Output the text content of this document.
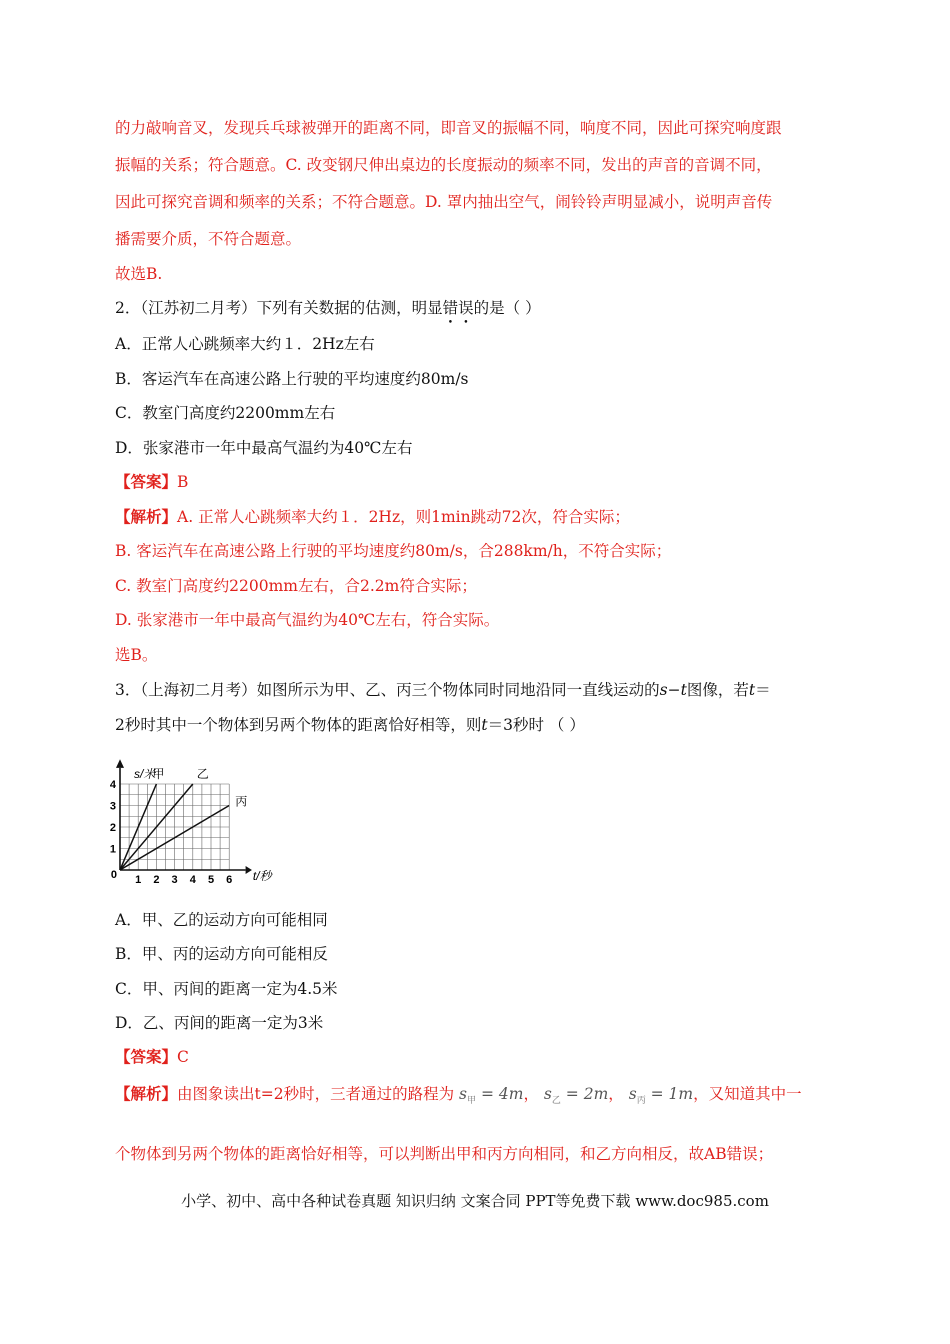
的力敲响音叉，发现兵乓球被弹开的距离不同，即音叉的振幅不同，响度不同，因此可探究响度跟
振幅的关系；符合题意。C. 改变钢尺伸出桌边的长度振动的频率不同，发出的声音的音调不同，
因此可探究音调和频率的关系；不符合题意。D. 罩内抽出空气，闹铃铃声明显减小，说明声音传
播需要介质，不符合题意。
故选B.
2．（江苏初二月考）下列有关数据的估测，明显错误的是（ ）
A．正常人心跳频率大约１．2Hz左右
B．客运汽车在高速公路上行驶的平均速度约80m/s
C．教室门高度约2200mm左右
D．张家港市一年中最高气温约为40℃左右
【答案】B
【解析】A. 正常人心跳频率大约１．2Hz，则1min跳动72次，符合实际；
B. 客运汽车在高速公路上行驶的平均速度约80m/s，合288km/h，不符合实际；
C. 教室门高度约2200mm左右，合2.2m符合实际；
D. 张家港市一年中最高气温约为40℃左右，符合实际。
选B。
3．（上海初二月考）如图所示为甲、乙、丙三个物体同时同地沿同一直线运动的s−t图像，若t＝
2秒时其中一个物体到另两个物体的距离恰好相等，则t＝3秒时 （ ）
1 2 3 4 5 6
1
2
3
4
0
s/米
t/秒
甲	乙
丙
A．甲、乙的运动方向可能相同
B．甲、丙的运动方向可能相反
C．甲、丙间的距离一定为4.5米
D．乙、丙间的距离一定为3米
【答案】C
【解析】由图象读出t=2秒时，三者通过的路程为 $s_甲 = 4m$， $s_乙 = 2m$， $s_丙 = 1m$，又知道其中一
个物体到另两个物体的距离恰好相等，可以判断出甲和丙方向相同，和乙方向相反，故AB错误；
小学、初中、高中各种试卷真题 知识归纳 文案合同 PPT等免费下载 www.doc985.com
